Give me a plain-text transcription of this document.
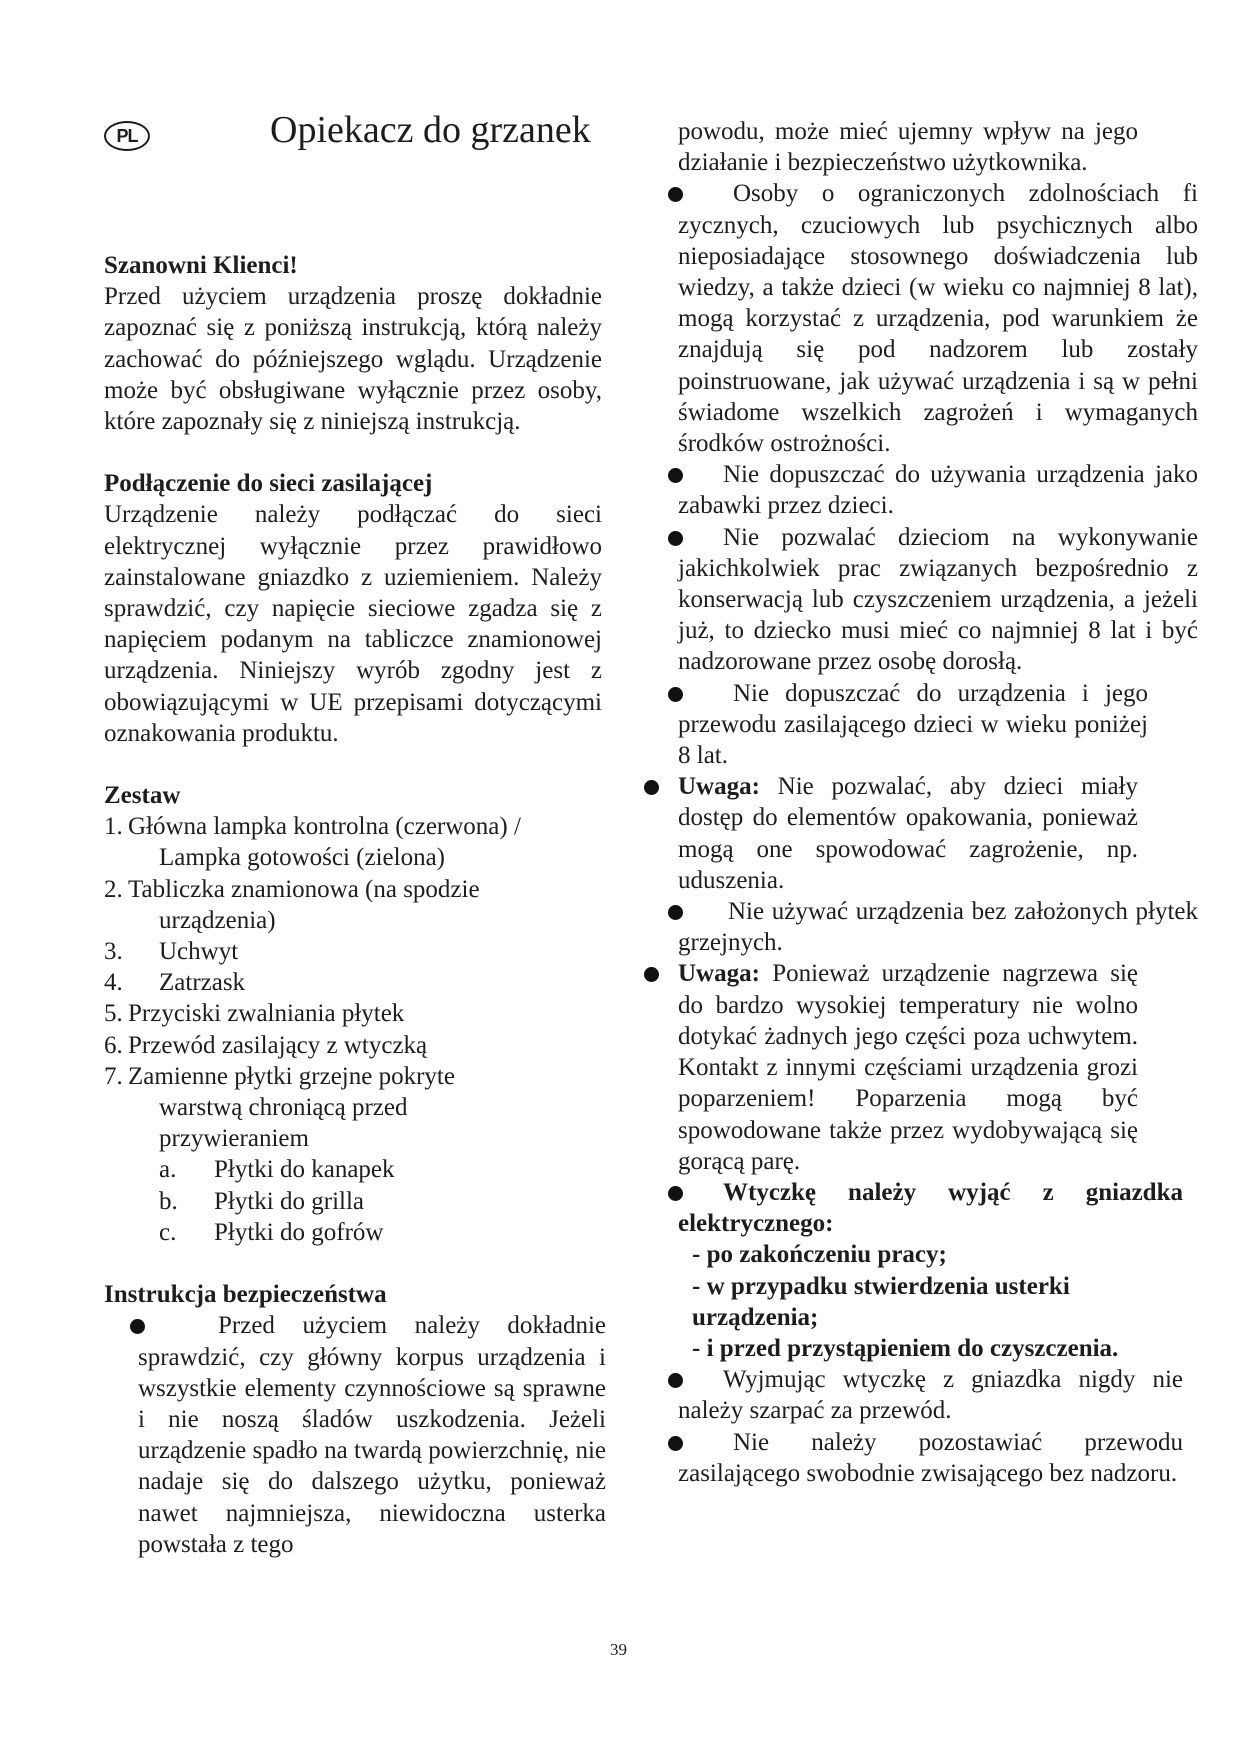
PL	Opiekacz do grzanek
Szanowni Klienci!

Przed użyciem urządzenia proszę dokładnie zapoznać się z poniższą instrukcją, którą należy zachować do późniejszego wglądu. Urządzenie może być obsługiwane wyłącznie przez osoby, które zapoznały się z niniejszą instrukcją.

Podłączenie do sieci zasilającej

Urządzenie należy podłączać do sieci elektrycznej wyłącznie przez prawidłowo zainstalowane gniazdko z uziemieniem. Należy sprawdzić, czy napięcie sieciowe zgadza się z napięciem podanym na tabliczce znamionowej urządzenia. Niniejszy wyrób zgodny jest z obowiązującymi w UE przepisami dotyczącymi oznakowania produktu.

Zestaw
1. Główna lampka kontrolna (czerwona) /
Lampka gotowości (zielona)
2. Tabliczka znamionowa (na spodzie
urządzenia)
3.	Uchwyt
4.	Zatrzask
5. Przyciski zwalniania płytek
6. Przewód zasilający z wtyczką
7. Zamienne płytki grzejne pokryte
warstwą chroniącą przed
przywieraniem
a. Płytki do kanapek
b. Płytki do grilla
c. Płytki do gofrów
Instrukcja bezpieczeństwa

Przed użyciem należy dokładnie sprawdzić, czy główny korpus urządzenia i wszystkie elementy czynnościowe są sprawne i nie noszą śladów uszkodzenia. Jeżeli urządzenie spadło na twardą powierzchnię, nie nadaje się do dalszego użytku, ponieważ nawet najmniejsza, niewidoczna usterka powstała z tego

powodu, może mieć ujemny wpływ na jego działanie i bezpieczeństwo użytkownika.

Osoby o ograniczonych zdolnościach fi zycznych, czuciowych lub psychicznych albo nieposiadające stosownego doświadczenia lub wiedzy, a także dzieci (w wieku co najmniej 8 lat), mogą korzystać z urządzenia, pod warunkiem że znajdują się pod nadzorem lub zostały poinstruowane, jak używać urządzenia i są w pełni świadome wszelkich zagrożeń i wymaganych środków ostrożności.

Nie dopuszczać do używania urządzenia jako zabawki przez dzieci.

Nie pozwalać dzieciom na wykonywanie jakichkolwiek prac związanych bezpośrednio z konserwacją lub czyszczeniem urządzenia, a jeżeli już, to dziecko musi mieć co najmniej 8 lat i być nadzorowane przez osobę dorosłą.

Nie dopuszczać do urządzenia i jego przewodu zasilającego dzieci w wieku poniżej 8 lat.

Uwaga: Nie pozwalać, aby dzieci miały dostęp do elementów opakowania, ponieważ mogą one spowodować zagrożenie, np. uduszenia.

Nie używać urządzenia bez założonych płytek grzejnych.

Uwaga: Ponieważ urządzenie nagrzewa się do bardzo wysokiej temperatury nie wolno dotykać żadnych jego części poza uchwytem. Kontakt z innymi częściami urządzenia grozi poparzeniem! Poparzenia mogą być spowodowane także przez wydobywającą się gorącą parę.

Wtyczkę należy wyjąć z gniazdka elektrycznego:

- po zakończeniu pracy;
- w przypadku stwierdzenia usterki urządzenia;
- i przed przystąpieniem do czyszczenia.

Wyjmując wtyczkę z gniazdka nigdy nie należy szarpać za przewód.

Nie należy pozostawiać przewodu zasilającego swobodnie zwisającego bez nadzoru.

39
